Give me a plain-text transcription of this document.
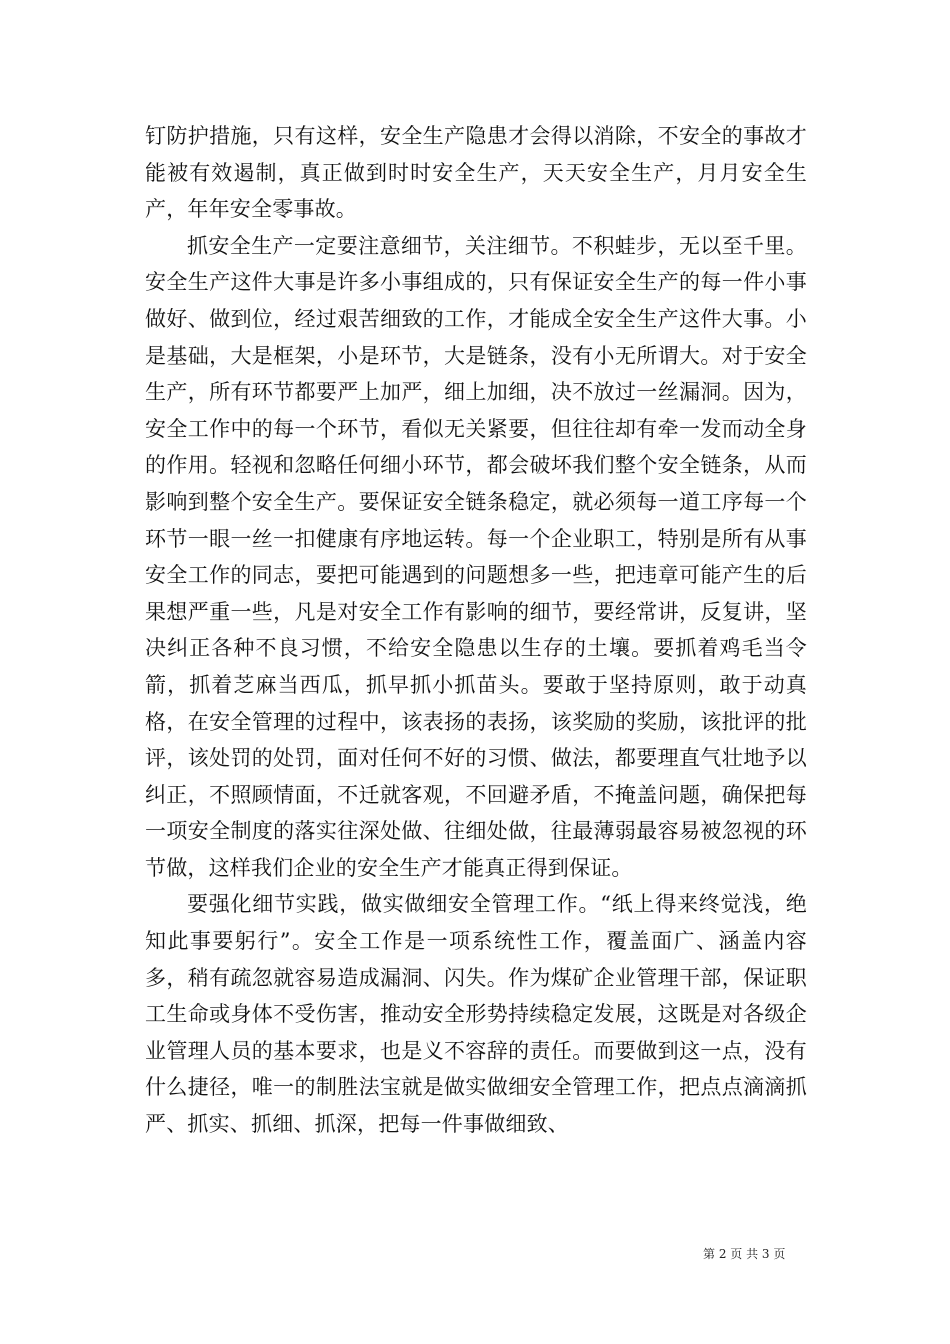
钉防护措施，只有这样，安全生产隐患才会得以消除，不安全的事故才能被有效遏制，真正做到时时安全生产，天天安全生产，月月安全生产，年年安全零事故。

抓安全生产一定要注意细节，关注细节。不积蛙步，无以至千里。安全生产这件大事是许多小事组成的，只有保证安全生产的每一件小事做好、做到位，经过艰苦细致的工作，才能成全安全生产这件大事。小是基础，大是框架，小是环节，大是链条，没有小无所谓大。对于安全生产，所有环节都要严上加严，细上加细，决不放过一丝漏洞。因为，安全工作中的每一个环节，看似无关紧要，但往往却有牵一发而动全身的作用。轻视和忽略任何细小环节，都会破坏我们整个安全链条，从而影响到整个安全生产。要保证安全链条稳定，就必须每一道工序每一个环节一眼一丝一扣健康有序地运转。每一个企业职工，特别是所有从事安全工作的同志，要把可能遇到的问题想多一些，把违章可能产生的后果想严重一些，凡是对安全工作有影响的细节，要经常讲，反复讲，坚决纠正各种不良习惯，不给安全隐患以生存的土壤。要抓着鸡毛当令箭，抓着芝麻当西瓜，抓早抓小抓苗头。要敢于坚持原则，敢于动真格，在安全管理的过程中，该表扬的表扬，该奖励的奖励，该批评的批评，该处罚的处罚，面对任何不好的习惯、做法，都要理直气壮地予以纠正，不照顾情面，不迁就客观，不回避矛盾，不掩盖问题，确保把每一项安全制度的落实往深处做、往细处做，往最薄弱最容易被忽视的环节做，这样我们企业的安全生产才能真正得到保证。

要强化细节实践，做实做细安全管理工作。“纸上得来终觉浅，绝知此事要躬行”。安全工作是一项系统性工作，覆盖面广、涵盖内容多，稍有疏忽就容易造成漏洞、闪失。作为煤矿企业管理干部，保证职工生命或身体不受伤害，推动安全形势持续稳定发展，这既是对各级企业管理人员的基本要求，也是义不容辞的责任。而要做到这一点，没有什么捷径，唯一的制胜法宝就是做实做细安全管理工作，把点点滴滴抓严、抓实、抓细、抓深，把每一件事做细致、

第 2 页 共 3 页
